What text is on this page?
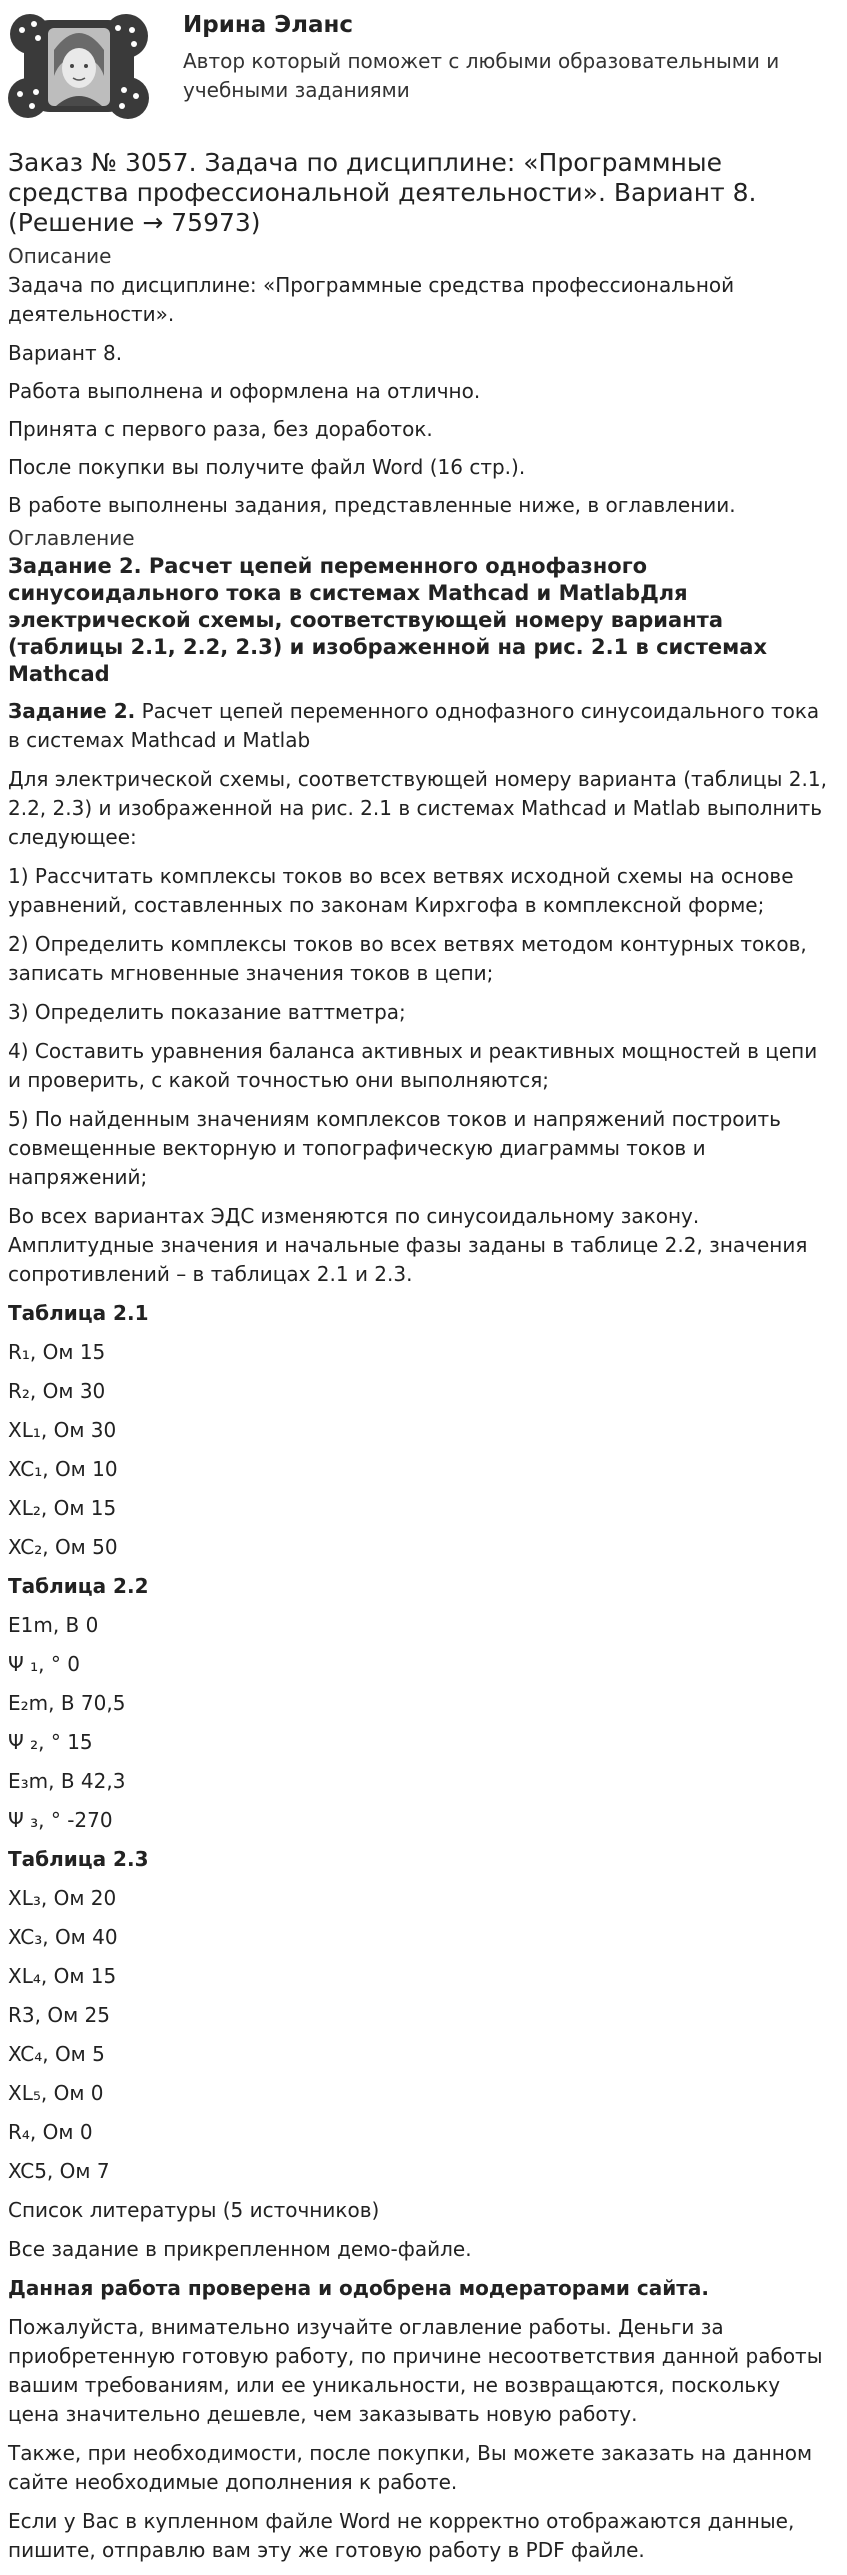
Ирина Эланс

Автор который поможет с любыми образовательными и учебными заданиями

Заказ № 3057. Задача по дисциплине: «Программные средства профессиональной деятельности». Вариант 8. (Решение → 75973)
Описание

Задача по дисциплине: «Программные средства профессиональной деятельности».

Вариант 8.

Работа выполнена и оформлена на отлично.

Принята с первого раза, без доработок.

После покупки вы получите файл Word (16 стр.).

В работе выполнены задания, представленные ниже, в оглавлении.

Оглавление
Задание 2. Расчет цепей переменного однофазного синусоидального тока в системах Mathcad и MatlabДля электрической схемы, соответствующей номеру варианта (таблицы 2.1, 2.2, 2.3) и изображенной на рис. 2.1 в системах Mathcad

Задание 2. Расчет цепей переменного однофазного синусоидального тока в системах Mathcad и Matlab

Для электрической схемы, соответствующей номеру варианта (таблицы 2.1, 2.2, 2.3) и изображенной на рис. 2.1 в системах Mathcad и Matlab выполнить следующее:

1) Рассчитать комплексы токов во всех ветвях исходной схемы на основе уравнений, составленных по законам Кирхгофа в комплексной форме;

2) Определить комплексы токов во всех ветвях методом контурных токов, записать мгновенные значения токов в цепи;

3) Определить показание ваттметра;

4) Составить уравнения баланса активных и реактивных мощностей в цепи и проверить, с какой точностью они выполняются;

5) По найденным значениям комплексов токов и напряжений построить совмещенные векторную и топографическую диаграммы токов и напряжений;

Во всех вариантах ЭДС изменяются по синусоидальному закону. Амплитудные значения и начальные фазы заданы в таблице 2.2, значения сопротивлений – в таблицах 2.1 и 2.3.

Таблица 2.1

R₁, Ом 15

R₂, Ом 30

XL₁, Ом 30

XC₁, Ом 10

XL₂, Ом 15

XC₂, Ом 50

Таблица 2.2

E1m, B 0

Ψ ₁, ° 0

E₂m, B 70,5

Ψ ₂, ° 15

E₃m, B 42,3

Ψ ₃, ° -270

Таблица 2.3

XL₃, Ом 20

XC₃, Ом 40

XL₄, Ом 15

R3, Ом 25

XC₄, Ом 5

XL₅, Ом 0

R₄, Ом 0

XC5, Ом 7

Список литературы (5 источников)

Все задание в прикрепленном демо-файле.

Данная работа проверена и одобрена модераторами сайта.

Пожалуйста, внимательно изучайте оглавление работы. Деньги за приобретенную готовую работу, по причине несоответствия данной работы вашим требованиям, или ее уникальности, не возвращаются, поскольку цена значительно дешевле, чем заказывать новую работу.

Также, при необходимости, после покупки, Вы можете заказать на данном сайте необходимые дополнения к работе.

Если у Вас в купленном файле Word не корректно отображаются данные, пишите, отправлю вам эту же готовую работу в PDF файле.
